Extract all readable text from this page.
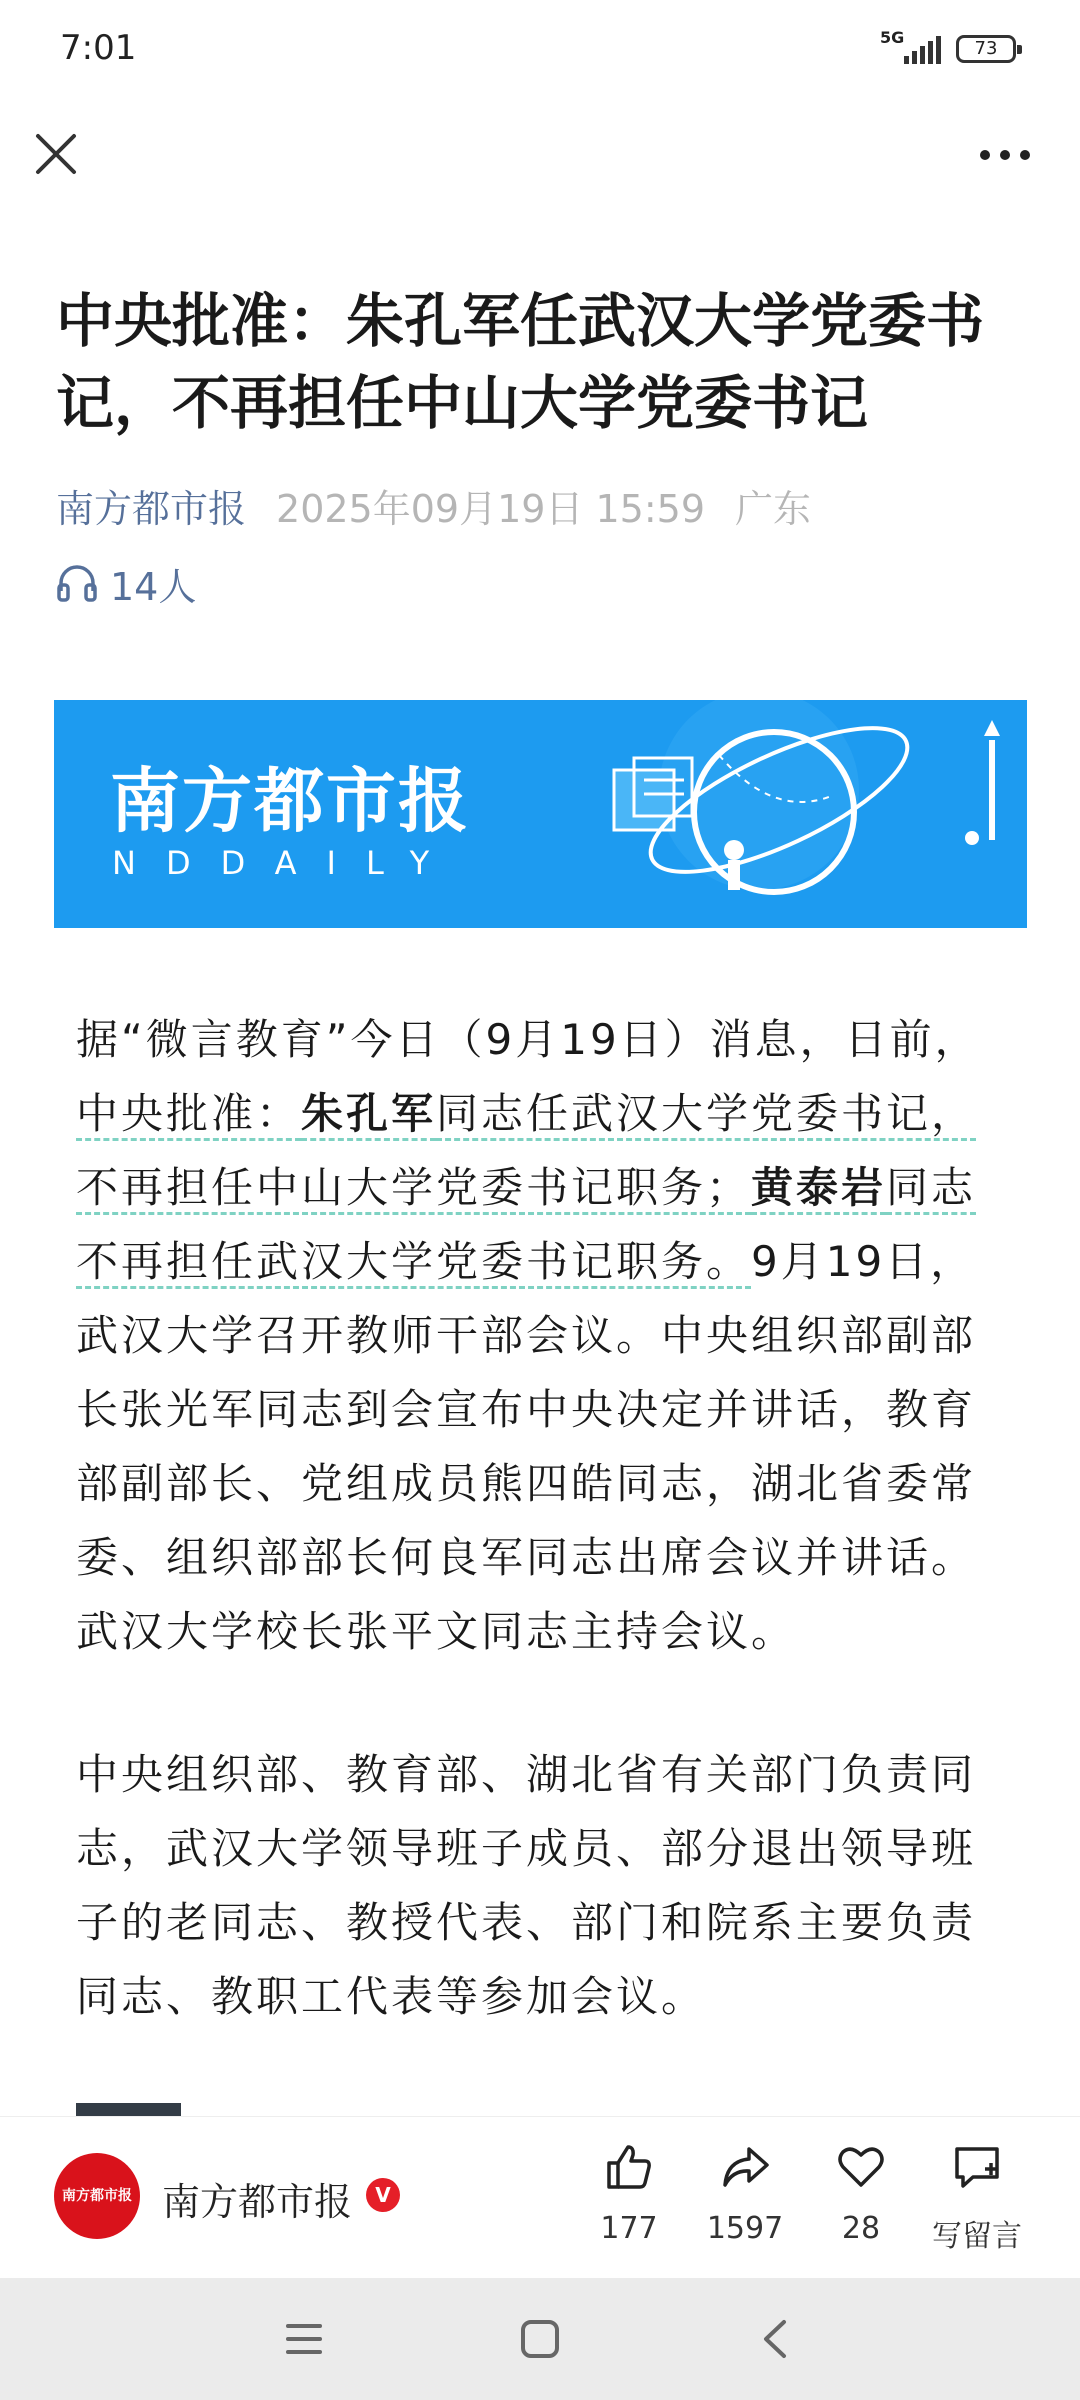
7:01	5G
73
中央批准：朱孔军任武汉大学党委书记，不再担任中山大学党委书记
南方都市报 2025年09月19日 15:59 广东
14人
南方都市报
NDDAILY

据“微言教育”今日（9月19日）消息，日前，中央批准：朱孔军同志任武汉大学党委书记，不再担任中山大学党委书记职务；黄泰岩同志不再担任武汉大学党委书记职务。9月19日，武汉大学召开教师干部会议。中央组织部副部长张光军同志到会宣布中央决定并讲话，教育部副部长、党组成员熊四皓同志，湖北省委常委、组织部部长何良军同志出席会议并讲话。武汉大学校长张平文同志主持会议。

中央组织部、教育部、湖北省有关部门负责同志，武汉大学领导班子成员、部分退出领导班子的老同志、教授代表、部门和院系主要负责同志、教职工代表等参加会议。

南方都市报 南方都市报	V
177	1597	28	写留言
